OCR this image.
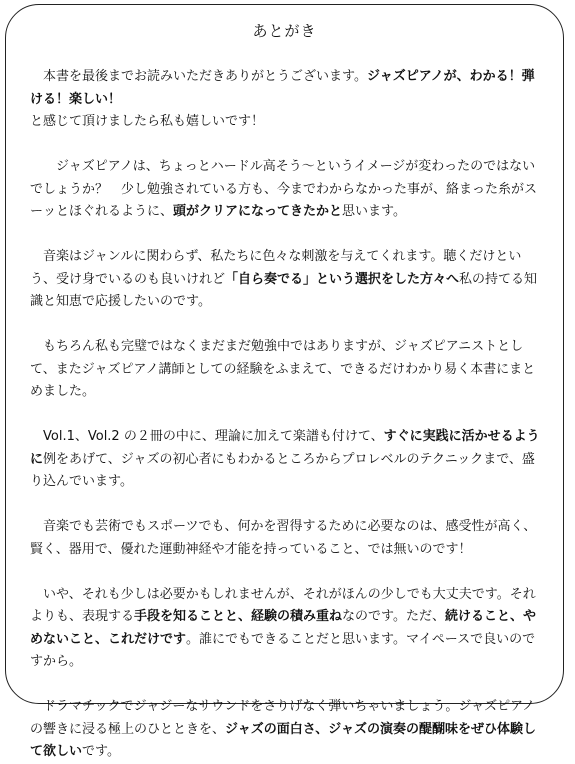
あとがき

本書を最後までお読みいただきありがとうございます。ジャズピアノが、わかる！弾ける！楽しい！
と感じて頂けましたら私も嬉しいです！

ジャズピアノは、ちょっとハードル高そう～というイメージが変わったのではないでしょうか？　少し勉強されている方も、今までわからなかった事が、絡まった糸がスーッとほぐれるように、頭がクリアになってきたかと思います。

音楽はジャンルに関わらず、私たちに色々な刺激を与えてくれます。聴くだけという、受け身でいるのも良いけれど「自ら奏でる」という選択をした方々へ私の持てる知識と知恵で応援したいのです。

もちろん私も完璧ではなくまだまだ勉強中ではありますが、ジャズピアニストとして、またジャズピアノ講師としての経験をふまえて、できるだけわかり易く本書にまとめました。

Vol.1、Vol.2 の２冊の中に、理論に加えて楽譜も付けて、すぐに実践に活かせるように例をあげて、ジャズの初心者にもわかるところからプロレベルのテクニックまで、盛り込んでいます。

音楽でも芸術でもスポーツでも、何かを習得するために必要なのは、感受性が高く、賢く、器用で、優れた運動神経や才能を持っていること、では無いのです！

いや、それも少しは必要かもしれませんが、それがほんの少しでも大丈夫です。それよりも、表現する手段を知ることと、経験の積み重ねなのです。ただ、続けること、やめないこと、これだけです。誰にでもできることだと思います。マイペースで良いのですから。

ドラマチックでジャジーなサウンドをさりげなく弾いちゃいましょう。ジャズピアノの響きに浸る極上のひとときを、ジャズの面白さ、ジャズの演奏の醍醐味をぜひ体験して欲しいです。
